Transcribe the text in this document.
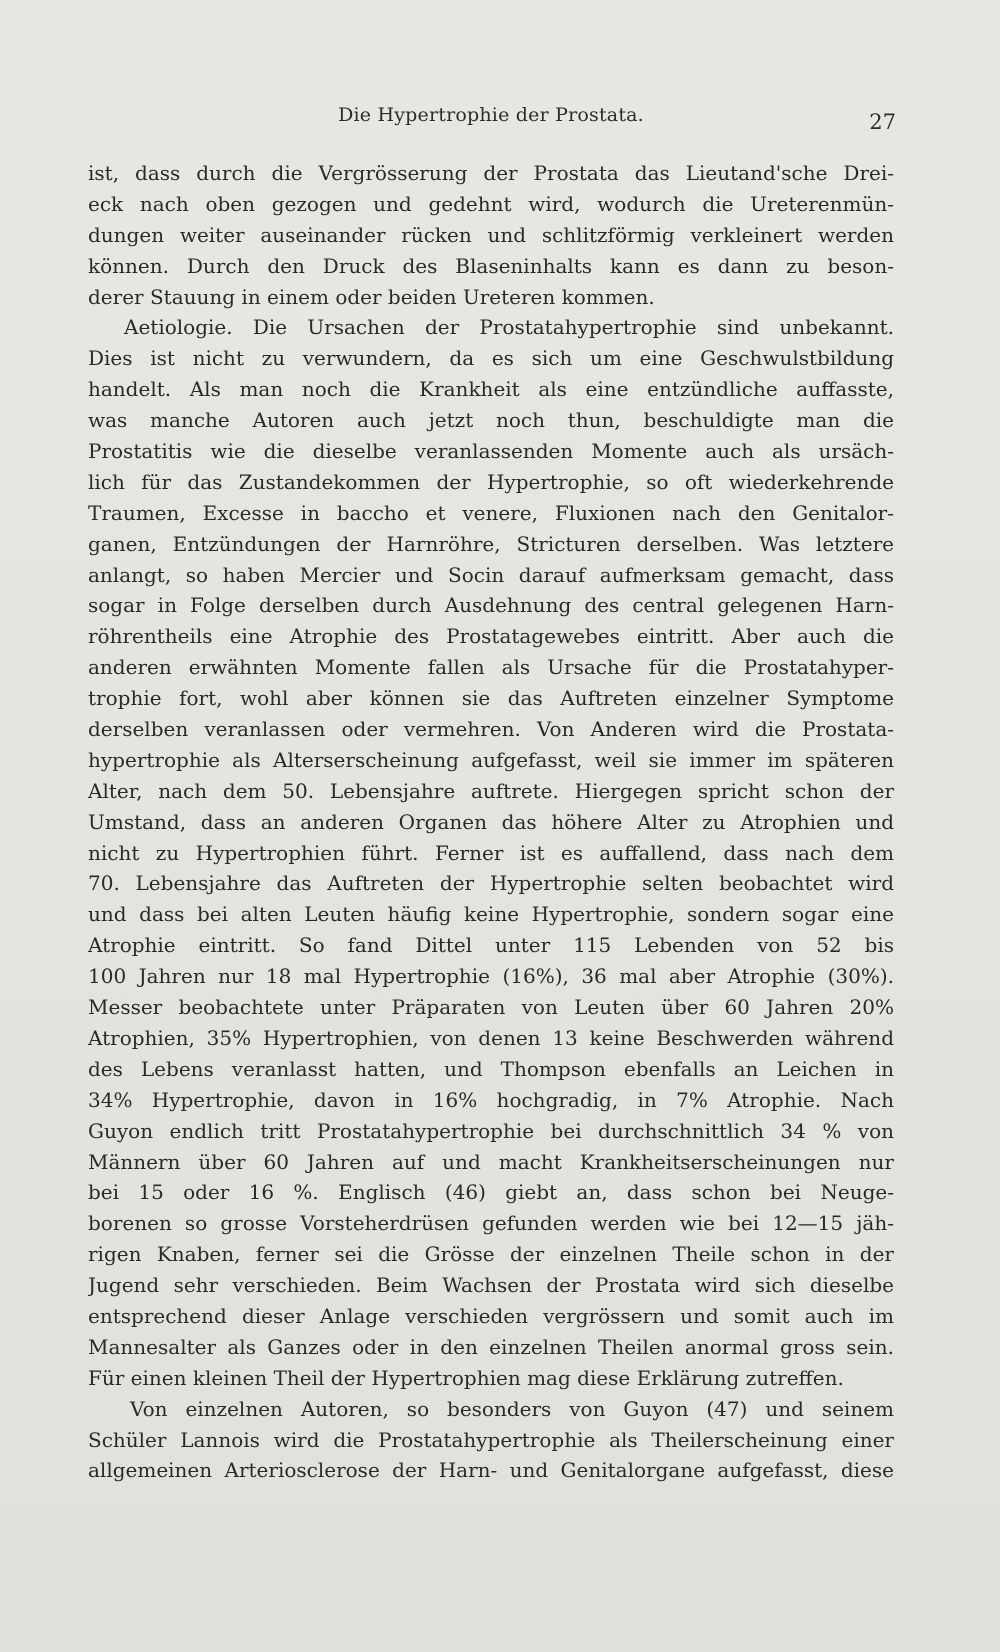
Die Hypertrophie der Prostata.	27
ist, dass durch die Vergrösserung der Prostata das Lieutand'sche Drei-
eck nach oben gezogen und gedehnt wird, wodurch die Ureterenmün-
dungen weiter auseinander rücken und schlitzförmig verkleinert werden
können. Durch den Druck des Blaseninhalts kann es dann zu beson-
derer Stauung in einem oder beiden Ureteren kommen.
Aetiologie. Die Ursachen der Prostatahypertrophie sind unbekannt.
Dies ist nicht zu verwundern, da es sich um eine Geschwulstbildung
handelt. Als man noch die Krankheit als eine entzündliche auffasste,
was manche Autoren auch jetzt noch thun, beschuldigte man die
Prostatitis wie die dieselbe veranlassenden Momente auch als ursäch-
lich für das Zustandekommen der Hypertrophie, so oft wiederkehrende
Traumen, Excesse in baccho et venere, Fluxionen nach den Genitalor-
ganen, Entzündungen der Harnröhre, Stricturen derselben. Was letztere
anlangt, so haben Mercier und Socin darauf aufmerksam gemacht, dass
sogar in Folge derselben durch Ausdehnung des central gelegenen Harn-
röhrentheils eine Atrophie des Prostatagewebes eintritt. Aber auch die
anderen erwähnten Momente fallen als Ursache für die Prostatahyper-
trophie fort, wohl aber können sie das Auftreten einzelner Symptome
derselben veranlassen oder vermehren. Von Anderen wird die Prostata-
hypertrophie als Alterserscheinung aufgefasst, weil sie immer im späteren
Alter, nach dem 50. Lebensjahre auftrete. Hiergegen spricht schon der
Umstand, dass an anderen Organen das höhere Alter zu Atrophien und
nicht zu Hypertrophien führt. Ferner ist es auffallend, dass nach dem
70. Lebensjahre das Auftreten der Hypertrophie selten beobachtet wird
und dass bei alten Leuten häufig keine Hypertrophie, sondern sogar eine
Atrophie eintritt. So fand Dittel unter 115 Lebenden von 52 bis
100 Jahren nur 18 mal Hypertrophie (16%), 36 mal aber Atrophie (30%).
Messer beobachtete unter Präparaten von Leuten über 60 Jahren 20%
Atrophien, 35% Hypertrophien, von denen 13 keine Beschwerden während
des Lebens veranlasst hatten, und Thompson ebenfalls an Leichen in
34% Hypertrophie, davon in 16% hochgradig, in 7% Atrophie. Nach
Guyon endlich tritt Prostatahypertrophie bei durchschnittlich 34 % von
Männern über 60 Jahren auf und macht Krankheitserscheinungen nur
bei 15 oder 16 %. Englisch (46) giebt an, dass schon bei Neuge-
borenen so grosse Vorsteherdrüsen gefunden werden wie bei 12—15 jäh-
rigen Knaben, ferner sei die Grösse der einzelnen Theile schon in der
Jugend sehr verschieden. Beim Wachsen der Prostata wird sich dieselbe
entsprechend dieser Anlage verschieden vergrössern und somit auch im
Mannesalter als Ganzes oder in den einzelnen Theilen anormal gross sein.
Für einen kleinen Theil der Hypertrophien mag diese Erklärung zutreffen.
Von einzelnen Autoren, so besonders von Guyon (47) und seinem
Schüler Lannois wird die Prostatahypertrophie als Theilerscheinung einer
allgemeinen Arteriosclerose der Harn- und Genitalorgane aufgefasst, diese
